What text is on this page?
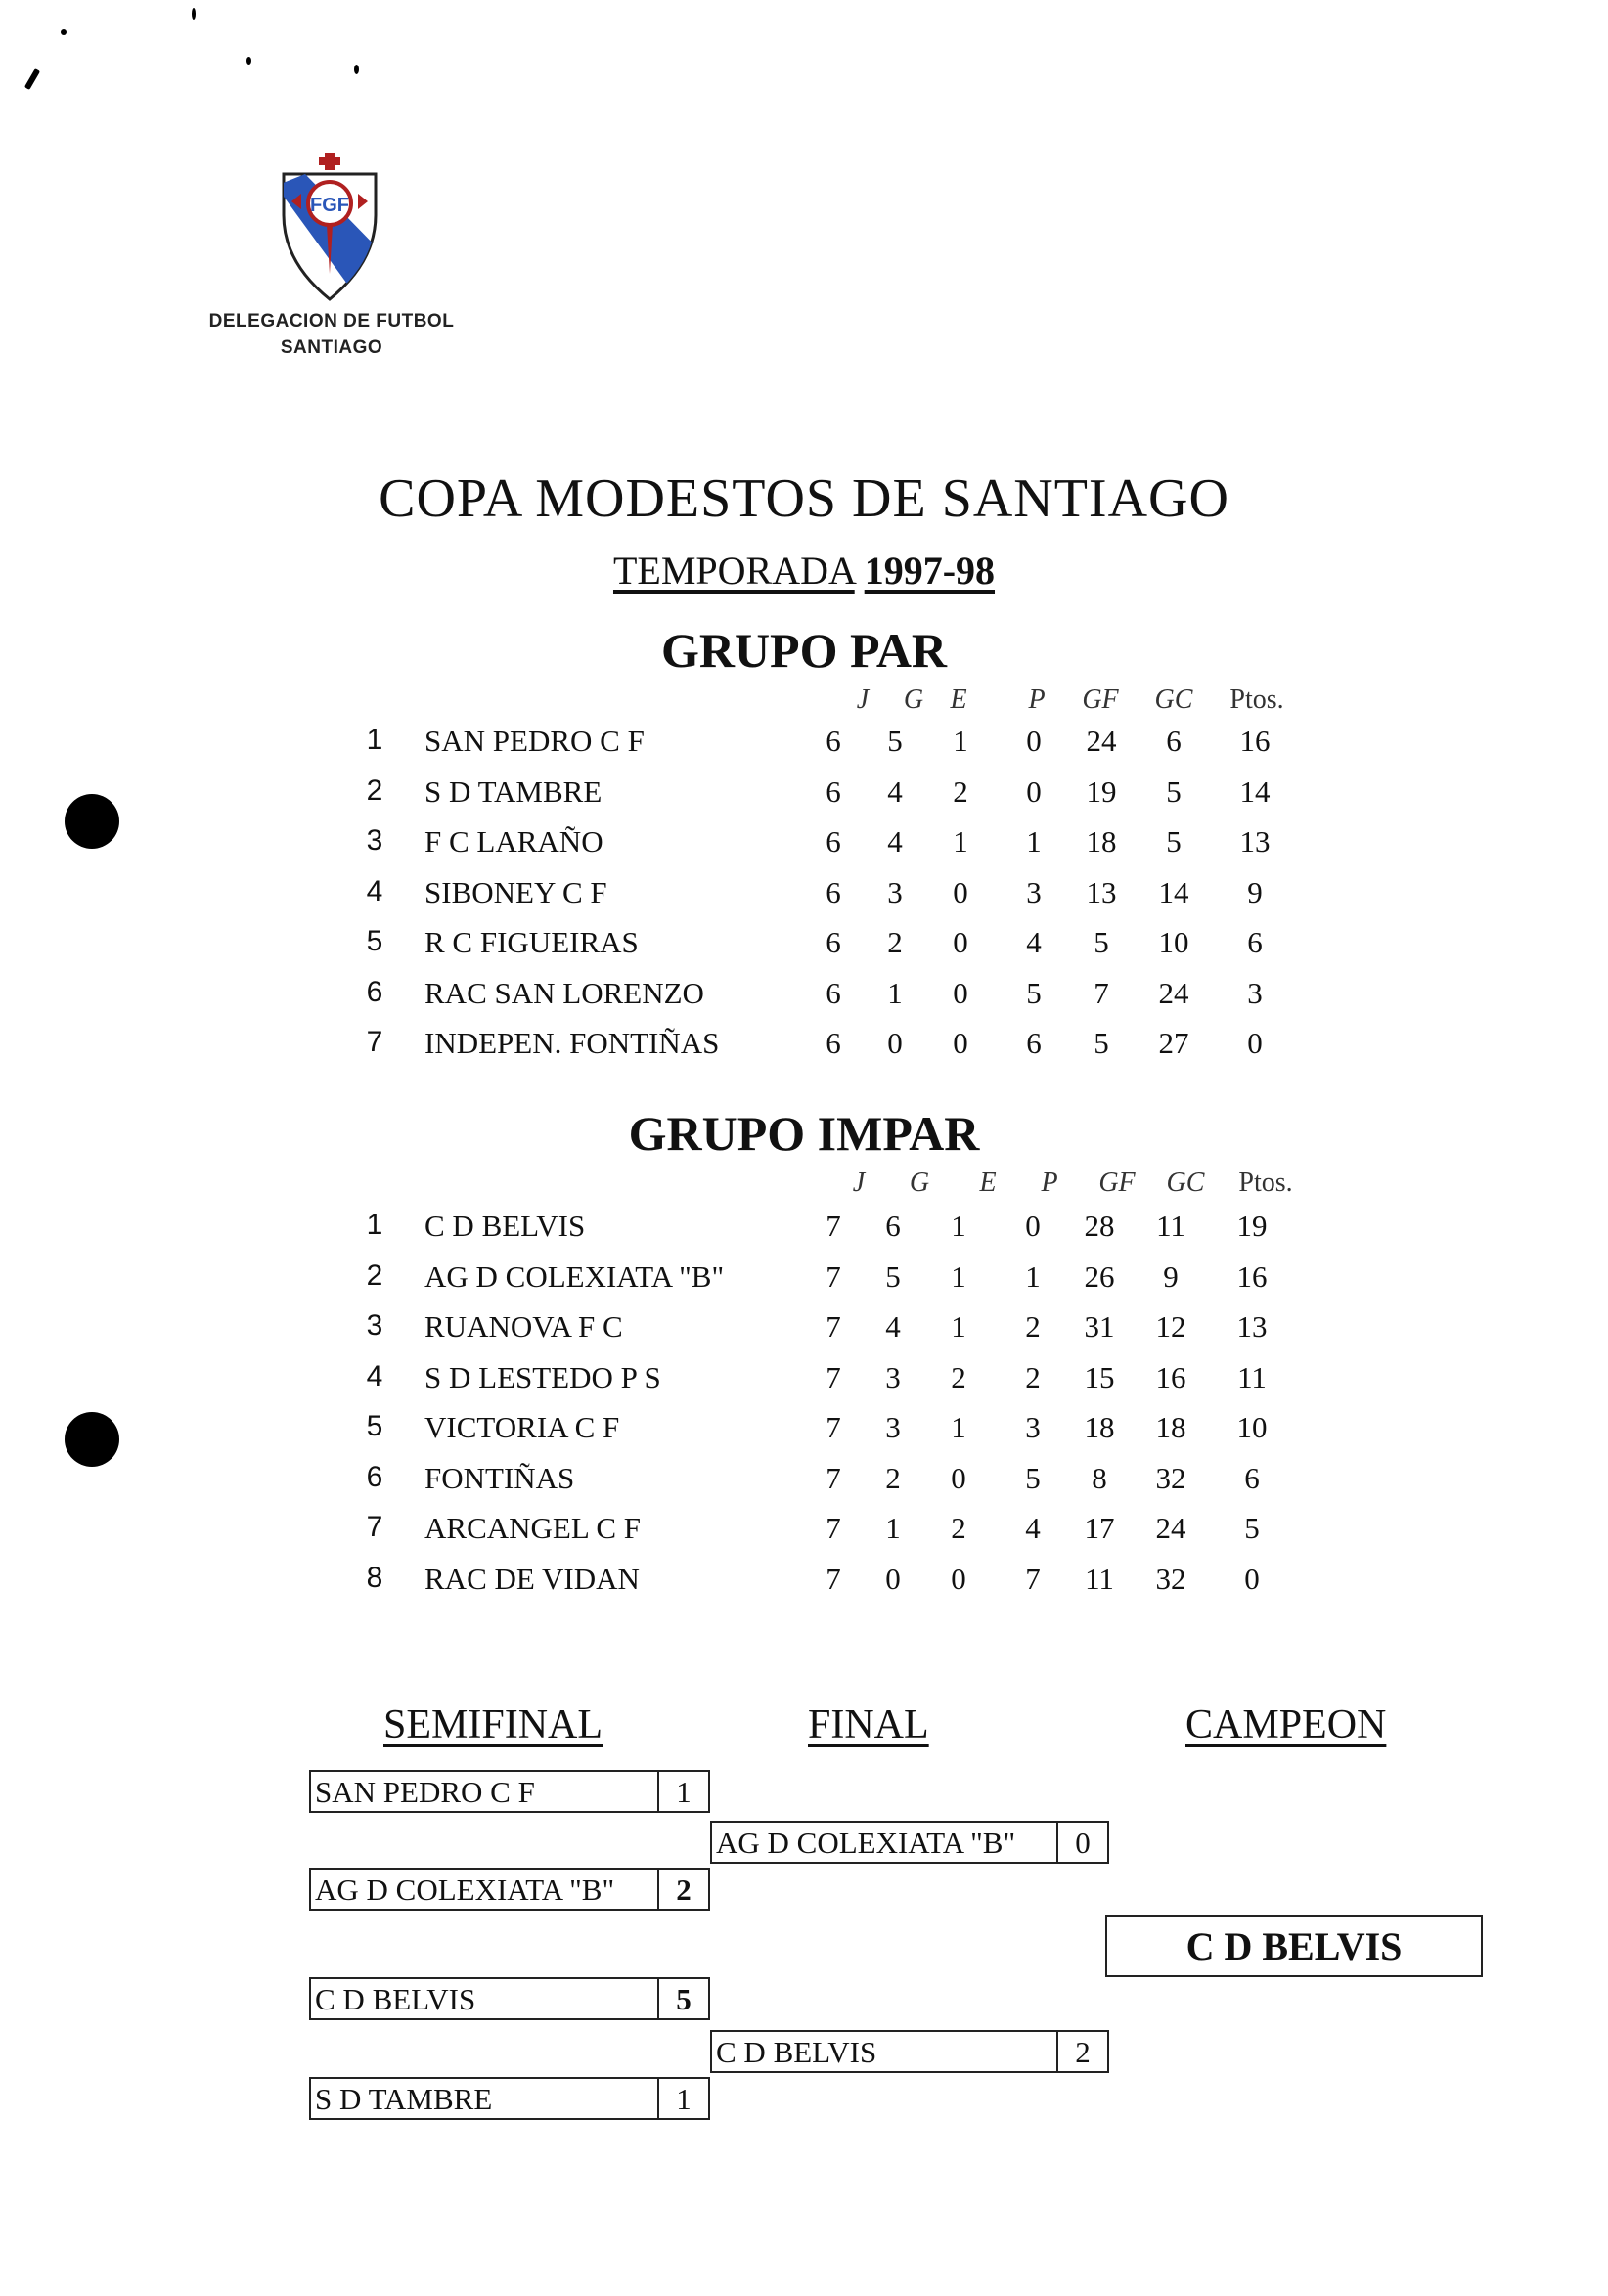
FGF
DELEGACION DE FUTBOL
SANTIAGO
COPA MODESTOS DE SANTIAGO
TEMPORADA 1997-98
GRUPO PAR
J	G E	P	GF	GC	Ptos.
1 SAN PEDRO C F	6	5	1	0	24	6	16
2 S D TAMBRE	6	4	2	0	19	5	14
3 F C LARAÑO	6	4	1	1	18	5	13
4 SIBONEY C F	6	3	0	3	13	14	9
5 R C FIGUEIRAS	6	2	0	4	5	10	6
6 RAC SAN LORENZO	6	1	0	5	7	24	3
7 INDEPEN. FONTIÑAS	6	0	0	6	5	27	0
GRUPO IMPAR
J	G	E	P	GF	GC	Ptos.
1 C D BELVIS	7	6	1	0	28	11	19
2 AG D COLEXIATA "B"	7	5	1	1	26	9	16
3 RUANOVA F C	7	4	1	2	31	12	13
4 S D LESTEDO P S	7	3	2	2	15	16	11
5 VICTORIA C F	7	3	1	3	18	18	10
6 FONTIÑAS	7	2	0	5	8	32	6
7 ARCANGEL C F	7	1	2	4	17	24	5
8 RAC DE VIDAN	7	0	0	7	11	32	0
SEMIFINAL	FINAL	CAMPEON
SAN PEDRO C F	1
AG D COLEXIATA "B"	2
C D BELVIS	5
S D TAMBRE	1
AG D COLEXIATA "B"	0
C D BELVIS	2
C D BELVIS
